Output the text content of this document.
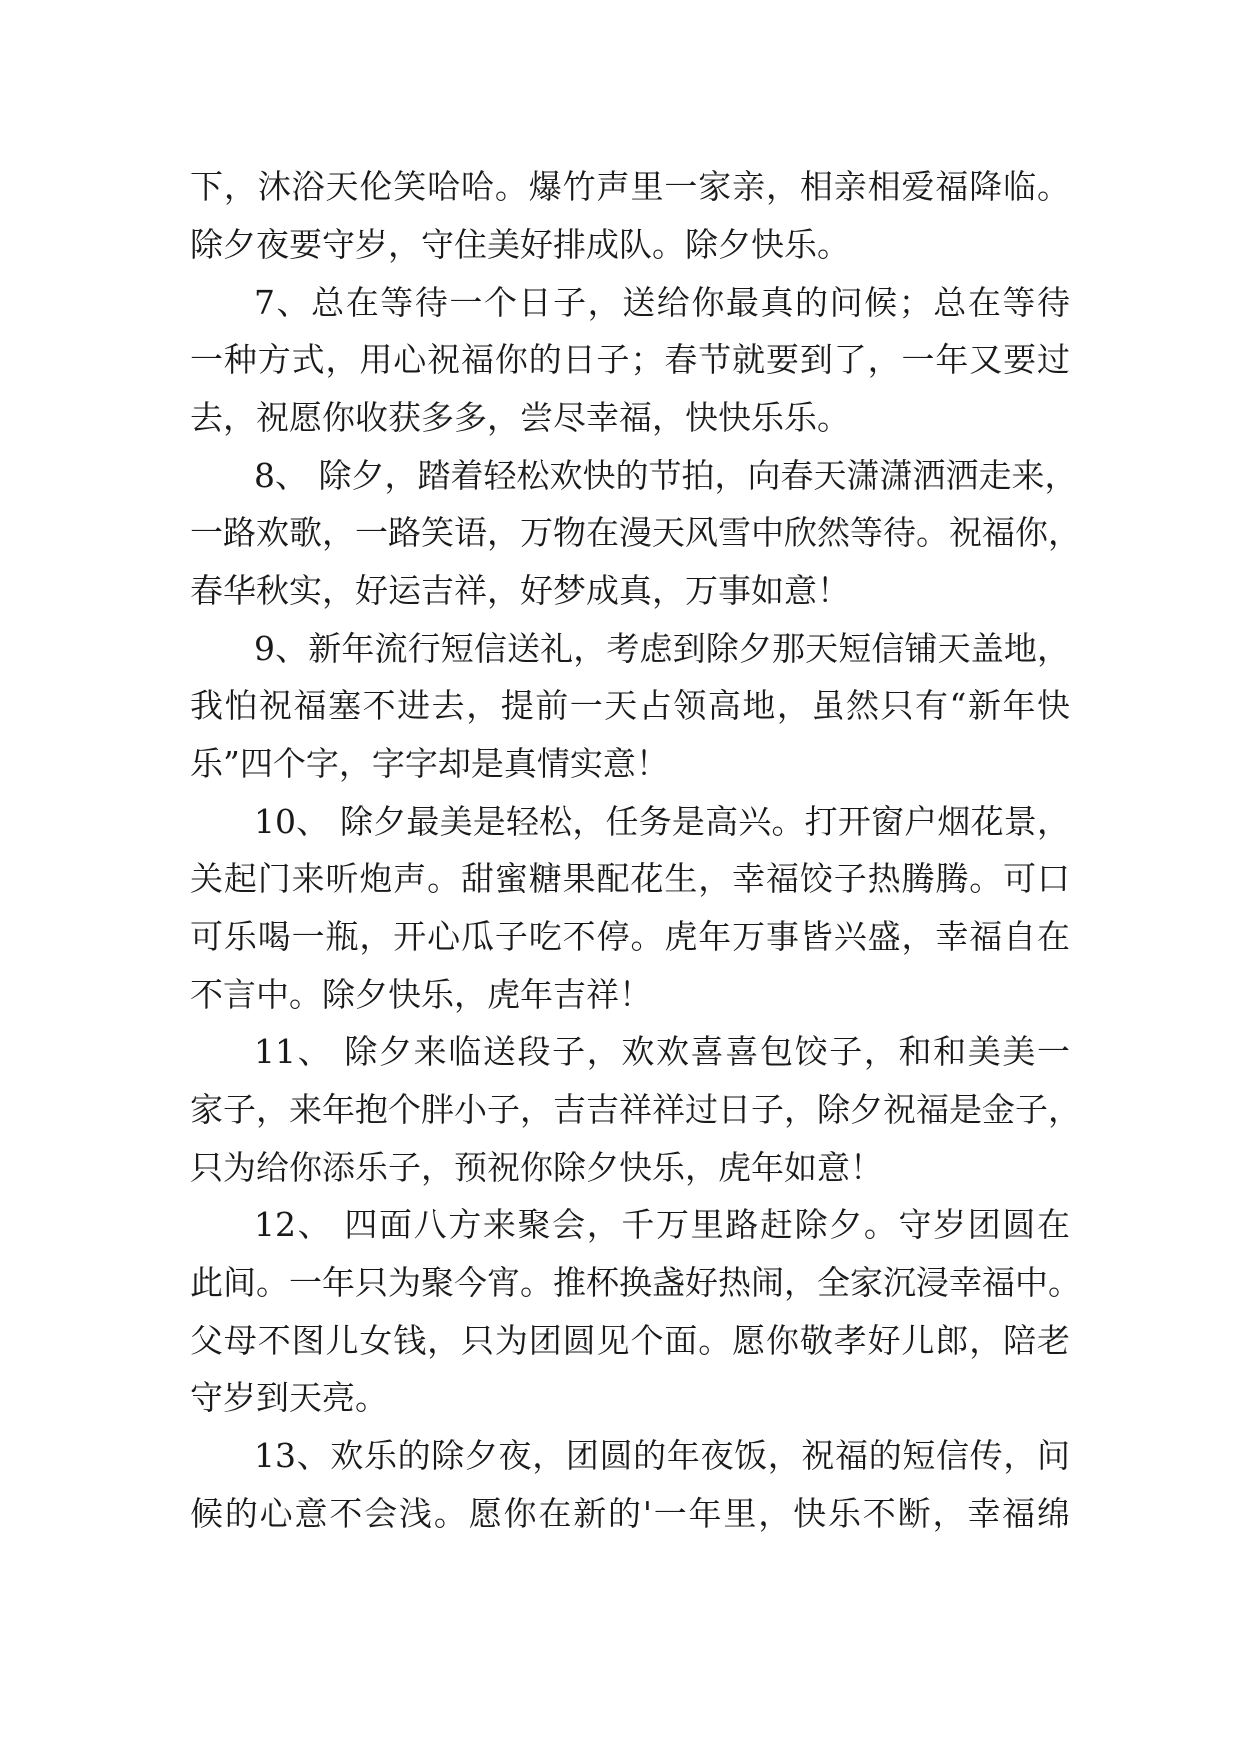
下，沐浴天伦笑哈哈。爆竹声里一家亲，相亲相爱福降临。
除夕夜要守岁，守住美好排成队。除夕快乐。
7、总在等待一个日子，送给你最真的问候；总在等待
一种方式，用心祝福你的日子；春节就要到了，一年又要过
去，祝愿你收获多多，尝尽幸福，快快乐乐。
8、 除夕，踏着轻松欢快的节拍，向春天潇潇洒洒走来，
一路欢歌，一路笑语，万物在漫天风雪中欣然等待。祝福你，
春华秋实，好运吉祥，好梦成真，万事如意！
9、新年流行短信送礼，考虑到除夕那天短信铺天盖地，
我怕祝福塞不进去，提前一天占领高地，虽然只有“新年快
乐”四个字，字字却是真情实意！
10、 除夕最美是轻松，任务是高兴。打开窗户烟花景，
关起门来听炮声。甜蜜糖果配花生，幸福饺子热腾腾。可口
可乐喝一瓶，开心瓜子吃不停。虎年万事皆兴盛，幸福自在
不言中。除夕快乐，虎年吉祥！
11、 除夕来临送段子，欢欢喜喜包饺子，和和美美一
家子，来年抱个胖小子，吉吉祥祥过日子，除夕祝福是金子，
只为给你添乐子，预祝你除夕快乐，虎年如意！
12、 四面八方来聚会，千万里路赶除夕。守岁团圆在
此间。一年只为聚今宵。推杯换盏好热闹，全家沉浸幸福中。
父母不图儿女钱，只为团圆见个面。愿你敬孝好儿郎，陪老
守岁到天亮。
13、欢乐的除夕夜，团圆的年夜饭，祝福的短信传，问
候的心意不会浅。愿你在新的'一年里，快乐不断，幸福绵
